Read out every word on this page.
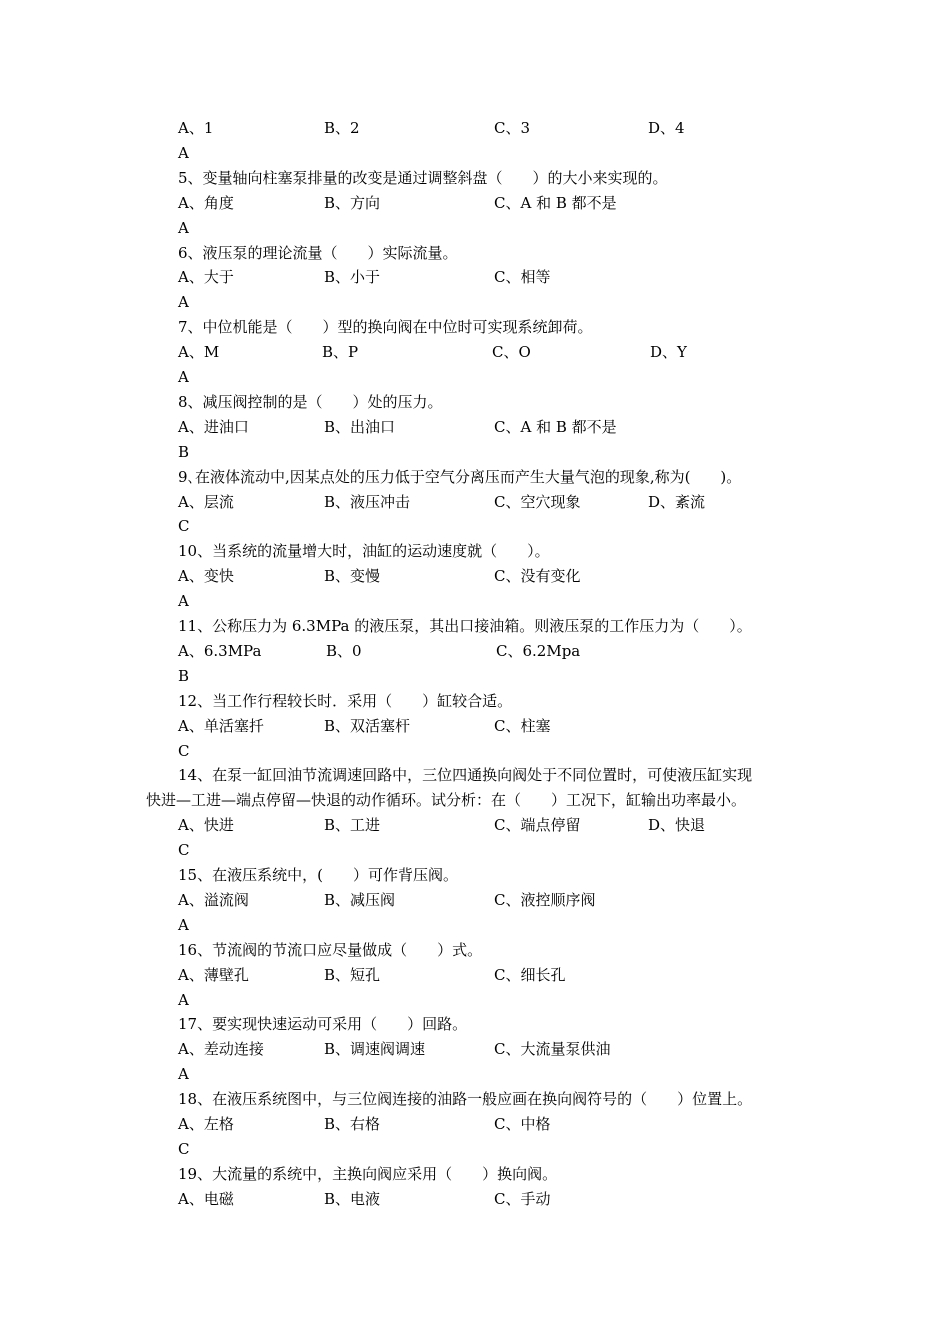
A、1	B、2	C、3	D、4
A
5、变量轴向柱塞泵排量的改变是通过调整斜盘（　　）的大小来实现的。
A、角度	B、方向	C、A 和 B 都不是
A
6、液压泵的理论流量（　　）实际流量。
A、大于	B、小于	C、相等
A
7、中位机能是（　　）型的换向阀在中位时可实现系统卸荷。
A、M	B、P	C、O	D、Y
A
8、减压阀控制的是（　　）处的压力。
A、进油口	B、出油口	C、A 和 B 都不是
B
9､在液体流动中,因某点处的压力低于空气分离压而产生大量气泡的现象,称为(　　)。
A、层流	B、液压冲击	C、空穴现象	D、紊流
C
10、当系统的流量增大时，油缸的运动速度就（　　）。
A、变快	B、变慢	C、没有变化
A
11、公称压力为 6.3MPa 的液压泵，其出口接油箱。则液压泵的工作压力为（　　）。
A、6.3MPa	B、0	C、6.2Mpa
B
12、当工作行程较长时．采用（　　）缸较合适。
A、单活塞扦	B、双活塞杆	C、柱塞
C
14、在泵一缸回油节流调速回路中，三位四通换向阀处于不同位置时，可使液压缸实现
快进—工进—端点停留—快退的动作循环。试分析：在（　　）工况下，缸输出功率最小。
A、快进	B、工进	C、端点停留	D、快退
C
15、在液压系统中，(　　）可作背压阀。
A、溢流阀	B、减压阀	C、液控顺序阀
A
16、节流阀的节流口应尽量做成（　　）式。
A、薄壁孔	B、短孔	C、细长孔
A
17、要实现快速运动可采用（　　）回路。
A、差动连接	B、调速阀调速	C、大流量泵供油
A
18、在液压系统图中，与三位阀连接的油路一般应画在换向阀符号的（　　）位置上。
A、左格	B、右格	C、中格
C
19、大流量的系统中，主换向阀应采用（　　）换向阀。
A、电磁	B、电液	C、手动
